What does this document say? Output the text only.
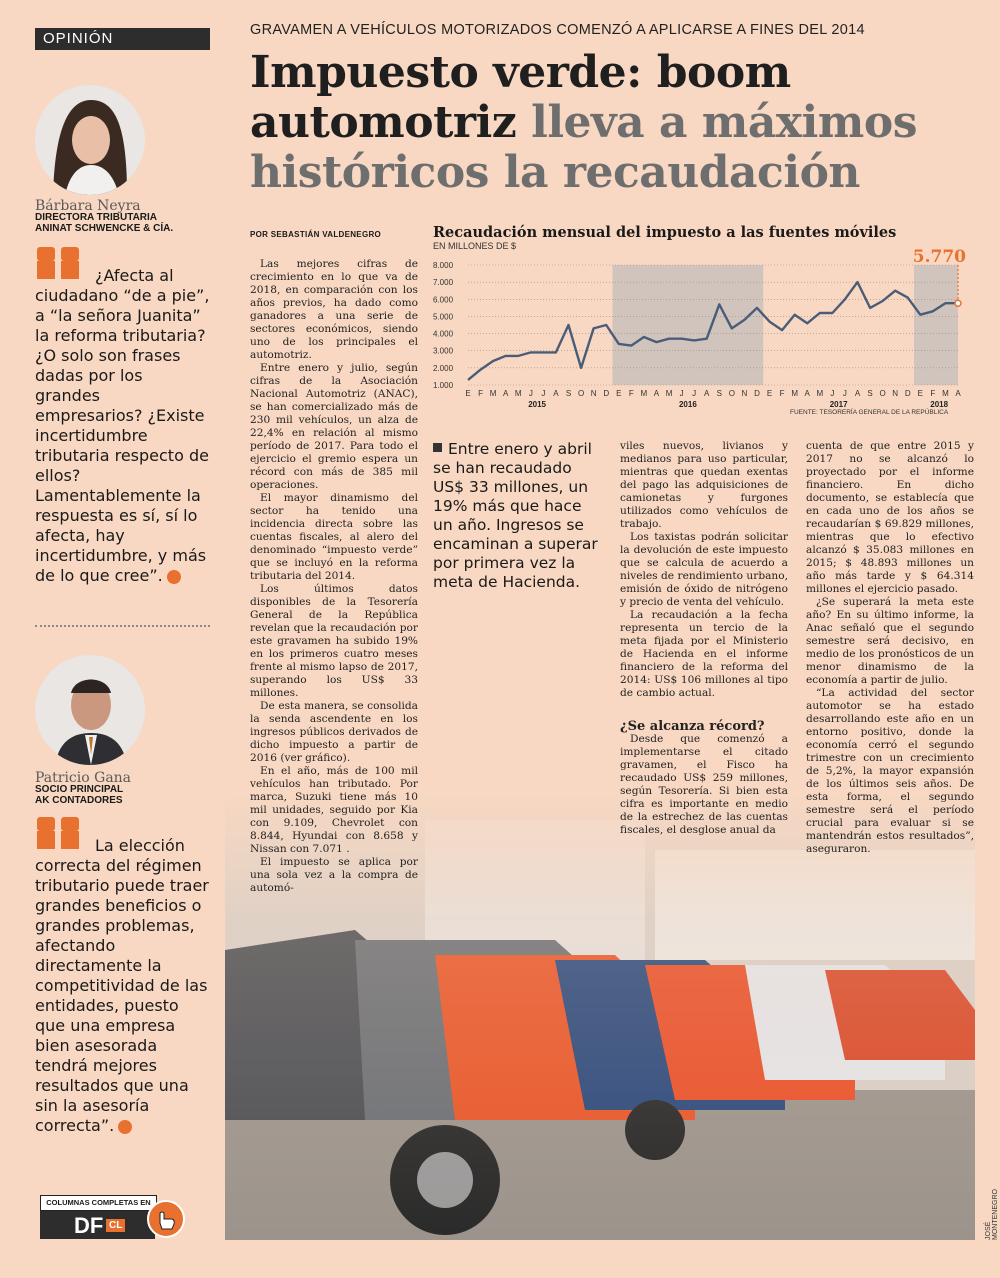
OPINIÓN
Bárbara Neyra
DIRECTORA TRIBUTARIA
ANINAT SCHWENCKE & CÍA.
¿Afecta al ciudadano “de a pie”, a “la señora Juanita” la reforma tributaria? ¿O solo son frases dadas por los grandes empresarios? ¿Existe incertidumbre tributaria respecto de ellos? Lamentablemente la respuesta es sí, sí lo afecta, hay incertidumbre, y más de lo que cree”.
Patricio Gana
SOCIO PRINCIPAL
AK CONTADORES
La elección correcta del régimen tributario puede traer grandes beneficios o grandes problemas, afectando directamente la competitividad de las entidades, puesto que una empresa bien asesorada tendrá mejores resultados que una sin la asesoría correcta”.
COLUMNAS COMPLETAS EN
DF CL
GRAVAMEN A VEHÍCULOS MOTORIZADOS COMENZÓ A APLICARSE A FINES DEL 2014
Impuesto verde: boom automotriz lleva a máximos históricos la recaudación
POR SEBASTIÁN VALDENEGRO
JOSÉ MONTENEGRO

Las mejores cifras de crecimiento en lo que va de 2018, en comparación con los años previos, ha dado como ganadores a una serie de sectores económicos, siendo uno de los principales el automotriz.

Entre enero y julio, según cifras de la Asociación Nacional Automotriz (ANAC), se han comercializado más de 230 mil vehículos, un alza de 22,4% en relación al mismo período de 2017. Para todo el ejercicio el gremio espera un récord con más de 385 mil operaciones.

El mayor dinamismo del sector ha tenido una incidencia directa sobre las cuentas fiscales, al alero del denominado “impuesto verde” que se incluyó en la reforma tributaria del 2014.

Los últimos datos disponibles de la Tesorería General de la República revelan que la recaudación por este gravamen ha subido 19% en los primeros cuatro meses frente al mismo lapso de 2017, superando los US$ 33 millones.

De esta manera, se consolida la senda ascendente en los ingresos públicos derivados de dicho impuesto a partir de 2016 (ver gráfico).

En el año, más de 100 mil vehículos han tributado. Por marca, Suzuki tiene más 10 mil unidades, seguido por Kia con 9.109, Chevrolet con 8.844, Hyundai con 8.658 y Nissan con 7.071 .

El impuesto se aplica por una sola vez a la compra de automó-

Recaudación mensual del impuesto a las fuentes móviles
EN MILLONES DE $
1.000
2.000
3.000
4.000
5.000
6.000
7.000
8.000
E F M A M J J A S O N D E F M A M J J A S O N D E F M A M J J A S O N D E F M A
2015	2016	2017	2018
5.770
FUENTE: TESORERÍA GENERAL DE LA REPÚBLICA
Entre enero y abril se han recaudado US$ 33 millones, un 19% más que hace un año. Ingresos se encaminan a superar por primera vez la meta de Hacienda.

viles nuevos, livianos y medianos para uso particular, mientras que quedan exentas del pago las adquisiciones de camionetas y furgones utilizados como vehículos de trabajo.

Los taxistas podrán solicitar la devolución de este impuesto que se calcula de acuerdo a niveles de rendimiento urbano, emisión de óxido de nitrógeno y precio de venta del vehículo.

La recaudación a la fecha representa un tercio de la meta fijada por el Ministerio de Hacienda en el informe financiero de la reforma del 2014: US$ 106 millones al tipo de cambio actual.

¿Se alcanza récord?

Desde que comenzó a implementarse el citado gravamen, el Fisco ha recaudado US$ 259 millones, según Tesorería. Si bien esta cifra es importante en medio de la estrechez de las cuentas fiscales, el desglose anual da

cuenta de que entre 2015 y 2017 no se alcanzó lo proyectado por el informe financiero. En dicho documento, se establecía que en cada uno de los años se recaudarían $ 69.829 millones, mientras que lo efectivo alcanzó $ 35.083 millones en 2015; $ 48.893 millones un año más tarde y $ 64.314 millones el ejercicio pasado.

¿Se superará la meta este año? En su último informe, la Anac señaló que el segundo semestre será decisivo, en medio de los pronósticos de un menor dinamismo de la economía a partir de julio.

“La actividad del sector automotor se ha estado desarrollando este año en un entorno positivo, donde la economía cerró el segundo trimestre con un crecimiento de 5,2%, la mayor expansión de los últimos seis años. De esta forma, el segundo semestre será el período crucial para evaluar si se mantendrán estos resultados”, aseguraron.
